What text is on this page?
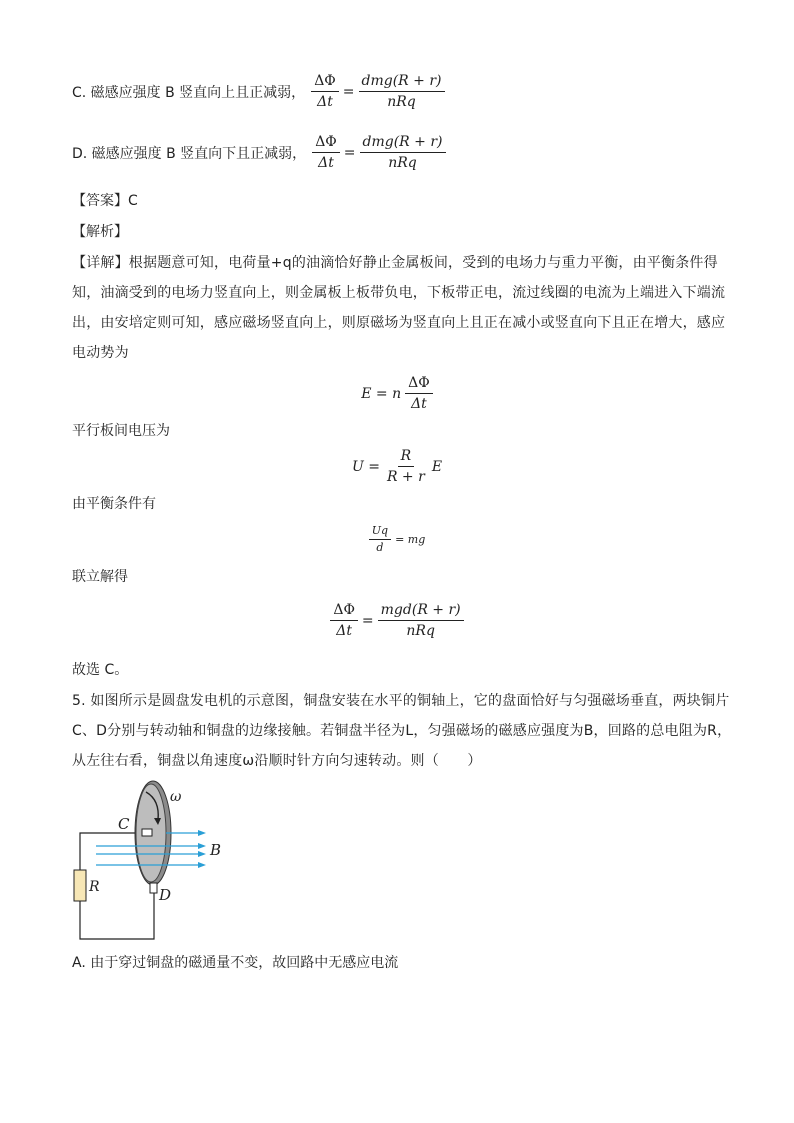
C. 磁感应强度 B 竖直向上且正减弱， $\frac{\Delta\Phi}{\Delta t} = \frac{\text{dmg(R + r)}}{\text{nRq}}$
D. 磁感应强度 B 竖直向下且正减弱， $\frac{\Delta\Phi}{\Delta t} = \frac{\text{dmg(R + r)}}{\text{nRq}}$
【答案】C
【解析】
【详解】根据题意可知，电荷量+q的油滴恰好静止金属板间，受到的电场力与重力平衡，由平衡条件得知，油滴受到的电场力竖直向上，则金属板上板带负电，下板带正电，流过线圈的电流为上端进入下端流出，由安培定则可知，感应磁场竖直向上，则原磁场为竖直向上且正在减小或竖直向下且正在增大，感应电动势为
E = n $\frac{\Delta\Phi}{\Delta t}$
平行板间电压为
$U = \frac{R}{R + r}$ E
由平衡条件有
$\frac{Uq}{d}$ = mg
联立解得
$\frac{\Delta\Phi}{\Delta t} = \frac{\text{mgd(R + r)}}{\text{nRq}}$
故选 C。
5. 如图所示是圆盘发电机的示意图，铜盘安装在水平的铜轴上，它的盘面恰好与匀强磁场垂直，两块铜片C、D分别与转动轴和铜盘的边缘接触。若铜盘半径为L，匀强磁场的磁感应强度为B，回路的总电阻为R，从左往右看，铜盘以角速度ω沿顺时针方向匀速转动。则（　　）
ω
C
B
R	D
A. 由于穿过铜盘的磁通量不变，故回路中无感应电流
